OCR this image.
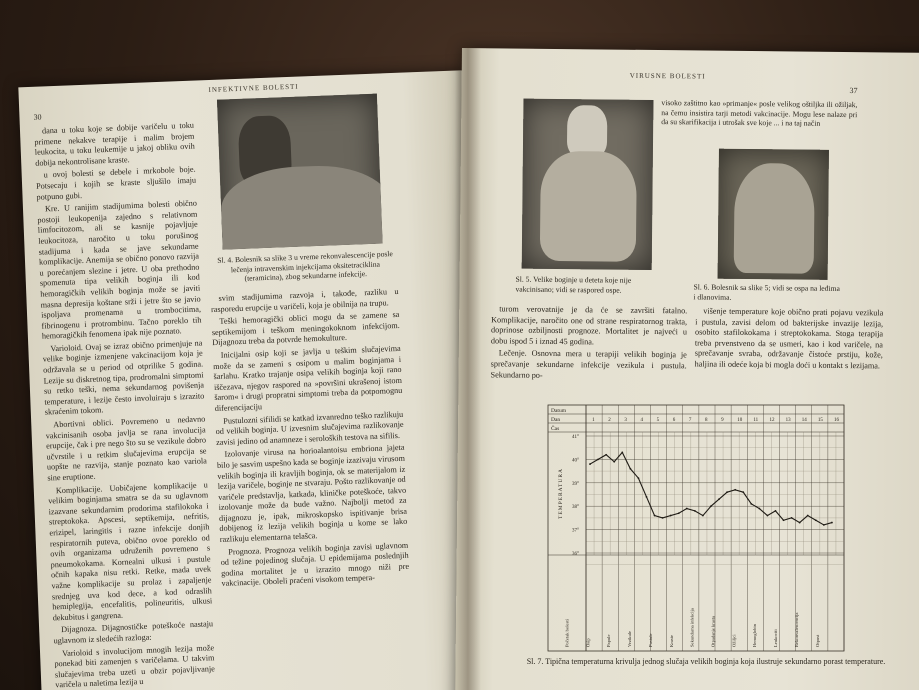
INFEKTIVNE BOLESTI
30

dana u toku koje se dobije varičelu u toku primene nekakve terapije i malim brojem leukocita, u toku leukemije u jakoj obliku ovih dobija nekontrolisane kraste.

u ovoj bolesti se debele i mrkobole boje. Potsecaju i kojih se kraste sljušilo imaju potpuno gubi.

Kre. U ranijim stadijumima bolesti obično postoji leukopenija zajedno s relativnom limfocitozom, ali se kasnije pojavljuje leukocitoza, naročito u toku porušinog stadijuma i kada se jave sekundarne komplikacije. Anemija se obično ponovo razvija u porećanjem slezine i jetre. U oba prethodno spomenuta tipa velikih boginja ili kod hemoragičkih velikih boginja može se javiti masna depresija koštane srži i jetre što se javio ispoljava promenama u trombocitima, fibrinogenu i protrombinu. Tačno poreklo tih hemoragičkih fenomena ipak nije poznato.

Varioloid. Ovaj se izraz obično primenjuje na velike boginje izmenjene vakcinacijom koja je održavala se u period od otprilike 5 godina. Lezije su diskretnog tipa, prodromalni simptomi su retko teški, nema sekundarnog povišenja temperature, i lezije često involuiraju s izrazito skraćenim tokom.

Abortivni oblici. Povremeno u nedavno vakcinisanih osoba javlja se rana involucija erupcije, čak i pre nego što su se vezikule dobro učvrstile i u retkim slučajevima erupcija se uopšte ne razvija, stanje poznato kao variola sine eruptione.

Komplikacije. Uobičajene komplikacije u velikim boginjama smatra se da su uglavnom izazvane sekundarnim prodorima stafilokoka i streptokoka. Apscesi, septikemija, nefritis, erizipel, laringitis i razne infekcije donjih respiratornih puteva, obično ovoe poreklo od ovih organizama udruženih povremeno s pneumokokama. Kornealni ulkusi i pustule očnih kapaka nisu retki. Retke, mada uvek važne komplikacije su prolaz i zapaljenje srednjeg uva kod dece, a kod odraslih hemiplegija, encefalitis, polineuritis, ulkusi dekubitus i gangrena.

Dijagnoza. Dijagnostičke poteškoće nastaju uglavnom iz sledećih razloga:

Varioloid s involucijom mnogih lezija može ponekad biti zamenjen s varičelama. U takvim slučajevima treba uzeti u obzir pojavljivanje varičela u naletima lezija u

Sl. 4. Bolesnik sa slike 3 u vreme rekonvalescencije posle lečenja intravenskim injekcijama oksitetraciklina (teramicina), zbog sekundarne infekcije.

svim stadijumima razvoja i, takođe, razliku u rasporedu erupcije u varičeli, koja je obilnija na trupu.

Teški hemoragički oblici mogu da se zamene sa septikemijom i teškom meningokoknom infekcijom. Dijagnozu treba da potvrde hemokulture.

Inicijalni osip koji se javlja u teškim slučajevima može da se zameni s osipom u malim boginjama i šarlahu. Kratko trajanje osipa velikih boginja koji rano iščezava, njegov raspored na »površini ukrašenoj istom šarom« i drugi propratni simptomi treba da potpomognu diferencijaciju

Pustulozni sifilidi se katkad izvanredno teško razlikuju od velikih boginja. U izvesnim slučajevima razlikovanje zavisi jedino od anamneze i seroloških testova na sifilis.

Izolovanje virusa na horioalantoisu embriona jajeta bilo je sasvim uspešno kada se boginje izazivaju virusom velikih boginja ili kravljih boginja, ok se materijalom iz lezija varičele, boginje ne stvaraju. Pošto razlikovanje od varičele predstavlja, katkada, kliničke poteškoće, takvo izolovanje može da bude važno. Najbolji metod za dijagnozu je, ipak, mikroskopsko ispitivanje brisa dobijenog iz lezija velikih boginja u kome se lako razlikuju elementarna telašca.

Prognoza. Prognoza velikih boginja zavisi uglavnom od težine pojedinog slučaja. U epidemijama poslednjih godina mortalitet je u izrazito mnogo niži pre vakcinacije. Oboleli prаćeni visokom tempera-

VIRUSNE BOLESTI
37
visoko zaštitno kao »primanje« posle velikog oštiljka ili ožiljak, na čemu insistira tarji metodi vakcinacije. Mogu lese nalaze pri da su skarifikacija i utrošak sve koje ... i na taj način
Sl. 5. Velike boginje u deteta koje nije vakcinisano; vidi se raspored ospe.	Sl. 6. Bolesnik sa slike 5; vidi se ospa na leđima i dlanovima.

turom verovatnije je da će se završiti fatalno. Komplikacije, naročito one od strane respiratornog trakta, doprinose ozbiljnosti prognoze. Mortalitet je najveći u dobu ispod 5 i iznad 45 godina.

Lečenje. Osnovna mera u terapiji velikih boginja je sprečavanje sekundarne infekcije vezikula i pustula. Sekundarno po-

višenje temperature koje obično prati pojavu vezikula i pustula, zavisi delom od bakterijske invazije lezija, osobito stafilokokama i streptokokama. Stoga terapija treba prvenstveno da se usmeri, kao i kod varičele, na sprečavanje svraba, održavanje čistoće prstiju, kože, haljina ili odeće koja bi mogla doći u kontakt s lezijama.

Datum
Dan
Čas
1	2	3	4	5	6	7	8	9	10 11 12 13 14 15 16
41°
40°
39°
38°
37°
36°
TEMPERATURA
Početak bolesti	Osip	Papule	Vezikule	Pustule	Kraste	Sekundarna infekcija	Otpadanje krasta	Ožiljci	Hemoglobin	Leukociti	Rekonvalescencija	Otpust
Sl. 7. Tipična temperaturna krivulja jednog slučaja velikih boginja koja ilustruje sekundarno porast temperature.
